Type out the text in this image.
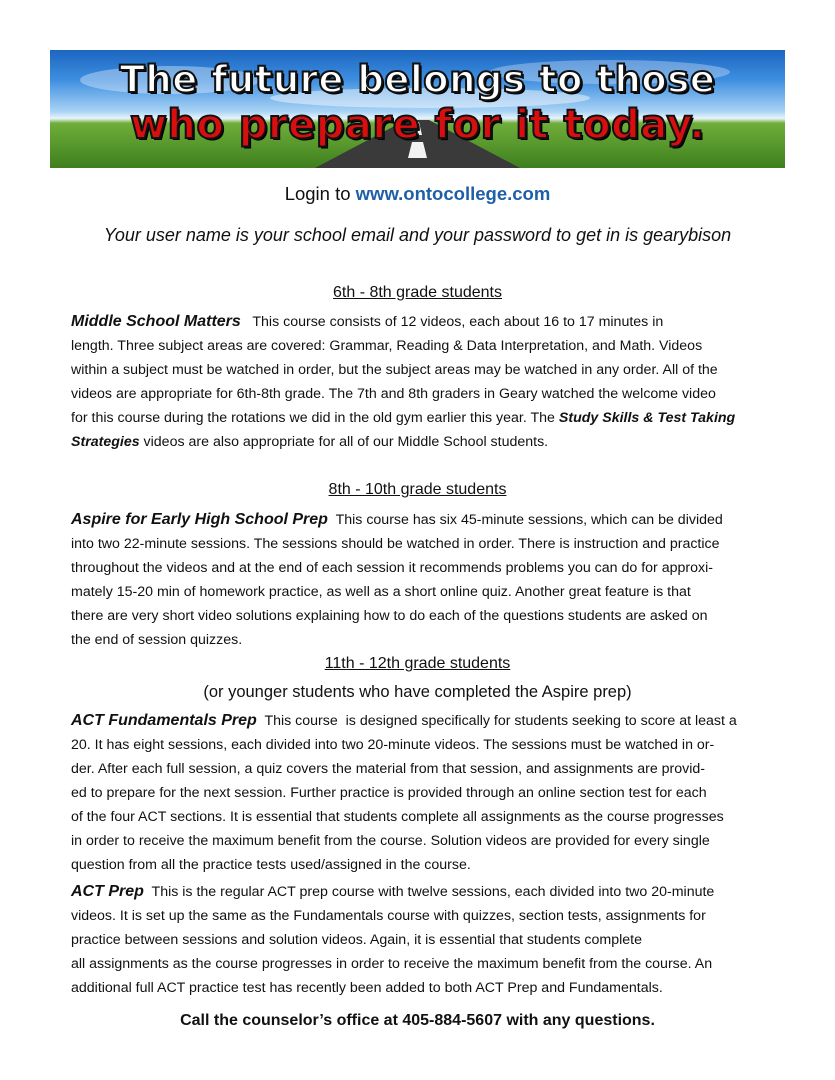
The future belongs to those
who prepare for it today.
Login to www.ontocollege.com
Your user name is your school email and your password to get in is gearybison
6th - 8th grade students
Middle School Matters   This course consists of 12 videos, each about 16 to 17 minutes in
length. Three subject areas are covered: Grammar, Reading & Data Interpretation, and Math. Videos
within a subject must be watched in order, but the subject areas may be watched in any order. All of the
videos are appropriate for 6th-8th grade. The 7th and 8th graders in Geary watched the welcome video
for this course during the rotations we did in the old gym earlier this year. The Study Skills & Test Taking
Strategies videos are also appropriate for all of our Middle School students.
8th - 10th grade students
Aspire for Early High School Prep  This course has six 45-minute sessions, which can be divided
into two 22-minute sessions. The sessions should be watched in order. There is instruction and practice
throughout the videos and at the end of each session it recommends problems you can do for approxi-
mately 15-20 min of homework practice, as well as a short online quiz. Another great feature is that
there are very short video solutions explaining how to do each of the questions students are asked on
the end of session quizzes.
11th - 12th grade students
(or younger students who have completed the Aspire prep)
ACT Fundamentals Prep  This course  is designed specifically for students seeking to score at least a
20. It has eight sessions, each divided into two 20-minute videos. The sessions must be watched in or-
der. After each full session, a quiz covers the material from that session, and assignments are provid-
ed to prepare for the next session. Further practice is provided through an online section test for each
of the four ACT sections. It is essential that students complete all assignments as the course progresses
in order to receive the maximum benefit from the course. Solution videos are provided for every single
question from all the practice tests used/assigned in the course.
ACT Prep  This is the regular ACT prep course with twelve sessions, each divided into two 20-minute
videos. It is set up the same as the Fundamentals course with quizzes, section tests, assignments for
practice between sessions and solution videos. Again, it is essential that students complete
all assignments as the course progresses in order to receive the maximum benefit from the course. An
additional full ACT practice test has recently been added to both ACT Prep and Fundamentals.
Call the counselor’s office at 405-884-5607 with any questions.
